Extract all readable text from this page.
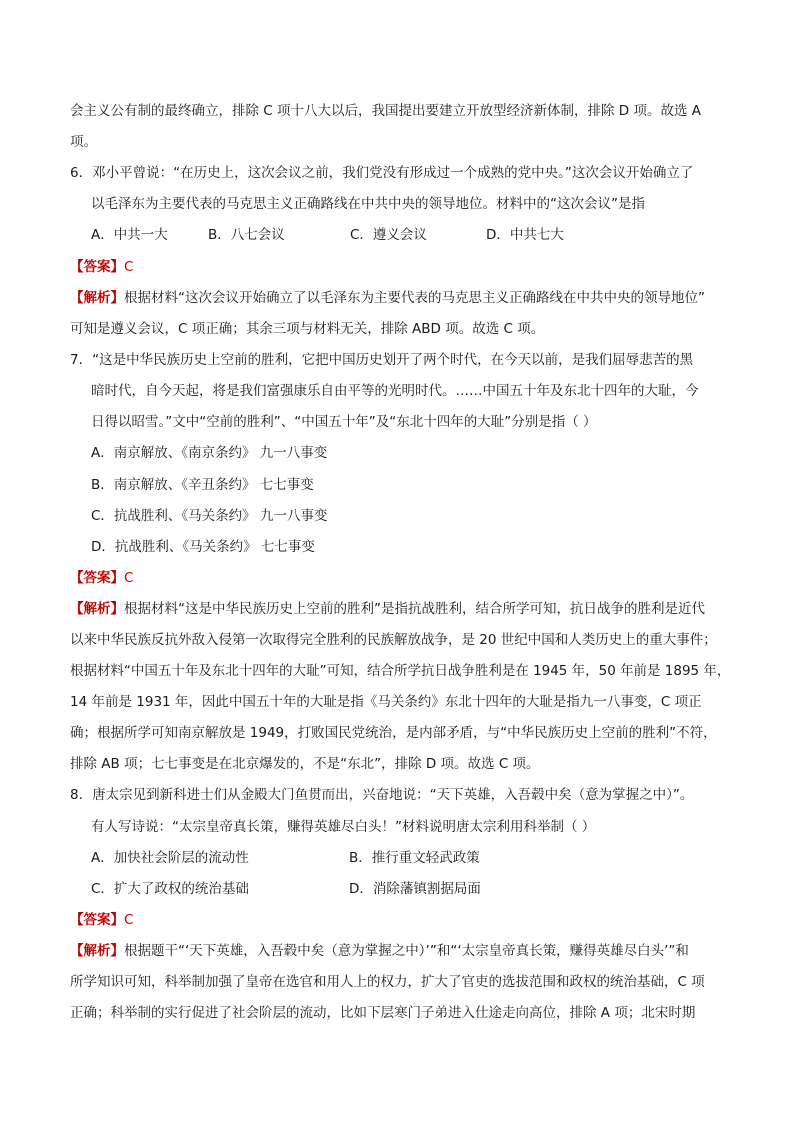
会主义公有制的最终确立，排除 C 项十八大以后，我国提出要建立开放型经济新体制，排除 D 项。故选 A
项。
6．邓小平曾说：“在历史上，这次会议之前，我们党没有形成过一个成熟的党中央。”这次会议开始确立了
以毛泽东为主要代表的马克思主义正确路线在中共中央的领导地位。材料中的“这次会议”是指
A．中共一大	B．八七会议	C．遵义会议	D．中共七大
【答案】C
【解析】根据材料“这次会议开始确立了以毛泽东为主要代表的马克思主义正确路线在中共中央的领导地位”
可知是遵义会议，C 项正确；其余三项与材料无关，排除 ABD 项。故选 C 项。
7．“这是中华民族历史上空前的胜利，它把中国历史划开了两个时代，在今天以前，是我们屈辱悲苦的黑
暗时代，自今天起，将是我们富强康乐自由平等的光明时代。……中国五十年及东北十四年的大耻，今
日得以昭雪。”文中“空前的胜利”、“中国五十年”及“东北十四年的大耻”分别是指（ ）
A．南京解放、《南京条约》 九一八事变
B．南京解放、《辛丑条约》 七七事变
C．抗战胜利、《马关条约》 九一八事变
D．抗战胜利、《马关条约》 七七事变
【答案】C
【解析】根据材料“这是中华民族历史上空前的胜利”是指抗战胜利，结合所学可知，抗日战争的胜利是近代
以来中华民族反抗外敌入侵第一次取得完全胜利的民族解放战争，是 20 世纪中国和人类历史上的重大事件；
根据材料“中国五十年及东北十四年的大耻”可知，结合所学抗日战争胜利是在 1945 年，50 年前是 1895 年，
14 年前是 1931 年，因此中国五十年的大耻是指《马关条约》东北十四年的大耻是指九一八事变，C 项正
确；根据所学可知南京解放是 1949，打败国民党统治，是内部矛盾，与“中华民族历史上空前的胜利”不符，
排除 AB 项；七七事变是在北京爆发的，不是“东北”，排除 D 项。故选 C 项。
8．唐太宗见到新科进士们从金殿大门鱼贯而出，兴奋地说：“天下英雄，入吾毂中矣（意为掌握之中）”。
有人写诗说：“太宗皇帝真长策，赚得英雄尽白头！”材料说明唐太宗利用科举制（ ）
A．加快社会阶层的流动性	B．推行重文轻武政策
C．扩大了政权的统治基础	D．消除藩镇割据局面
【答案】C
【解析】根据题干“‘天下英雄，入吾毂中矣（意为掌握之中）’”和“‘太宗皇帝真长策，赚得英雄尽白头’”和
所学知识可知，科举制加强了皇帝在选官和用人上的权力，扩大了官吏的选拔范围和政权的统治基础，C 项
正确；科举制的实行促进了社会阶层的流动，比如下层寒门子弟进入仕途走向高位，排除 A 项；北宋时期
